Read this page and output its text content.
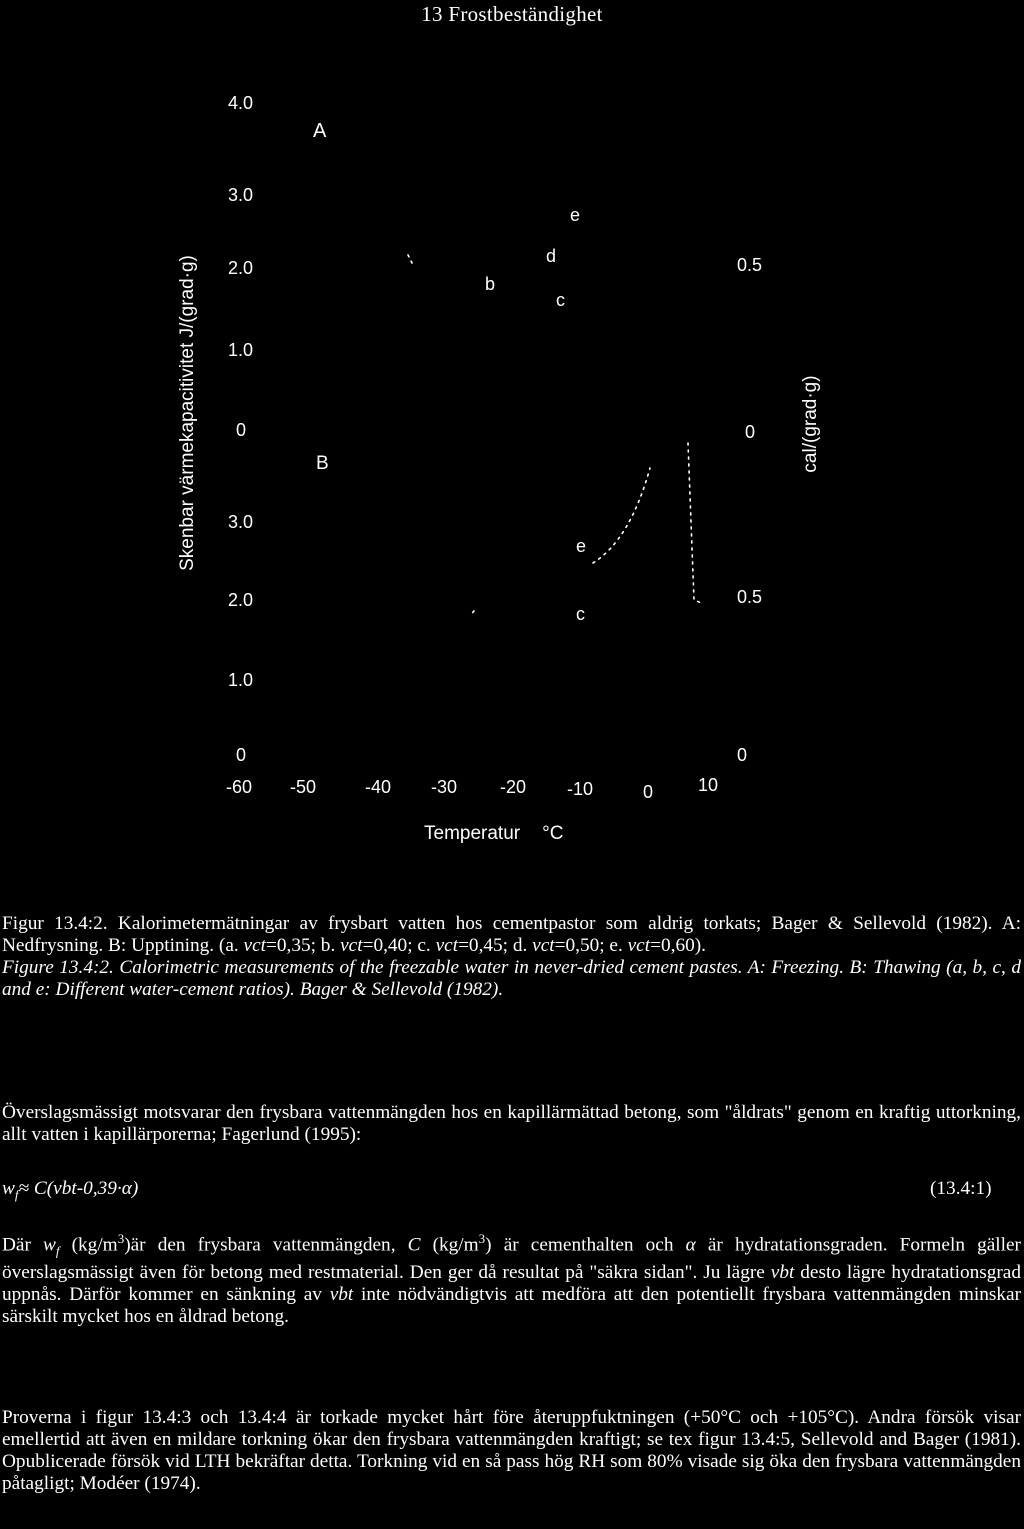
13 Frostbeständighet
4.0
3.0
2.0
1.0
0
3.0
2.0
1.0
0
A
B
e
d
b
c
e
c
0.5
0
0.5
0
-60 -50	-40 -30 -20 -10	0 10
Temperatur °C
Skenbar värmekapacitivitet J/(grad·g)	cal/(grad·g)

Figur 13.4:2. Kalorimetermätningar av frysbart vatten hos cementpastor som aldrig torkats; Bager & Sellevold (1982). A: Nedfrysning. B: Upptining. (a. vct=0,35; b. vct=0,40; c. vct=0,45; d. vct=0,50; e. vct=0,60).

Figure 13.4:2. Calorimetric measurements of the freezable water in never-dried cement pastes. A: Freezing. B: Thawing (a, b, c, d and e: Different water-cement ratios). Bager & Sellevold (1982).

Överslagsmässigt motsvarar den frysbara vattenmängden hos en kapillärmättad betong, som "åldrats" genom en kraftig uttorkning, allt vatten i kapillärporerna; Fagerlund (1995):
$w_f\approx C(vbt-0,39\cdot\alpha)$	(13.4:1)
Där $w_f$ $(kg/m^3)är$ den frysbara vattenmängden, C $(kg/m^3)$ är cementhalten och α är hydratationsgraden. Formeln gäller överslagsmässigt även för betong med restmaterial. Den ger då resultat på "säkra sidan". Ju lägre vbt desto lägre hydratationsgrad uppnås. Därför kommer en sänkning av vbt inte nödvändigtvis att medföra att den potentiellt frysbara vattenmängden minskar särskilt mycket hos en åldrad betong.
Proverna i figur 13.4:3 och 13.4:4 är torkade mycket hårt före återuppfuktningen (+50°C och +105°C). Andra försök visar emellertid att även en mildare torkning ökar den frysbara vattenmängden kraftigt; se tex figur 13.4:5, Sellevold and Bager (1981). Opublicerade försök vid LTH bekräftar detta. Torkning vid en så pass hög RH som 80% visade sig öka den frysbara vattenmängden påtagligt; Modéer (1974).
